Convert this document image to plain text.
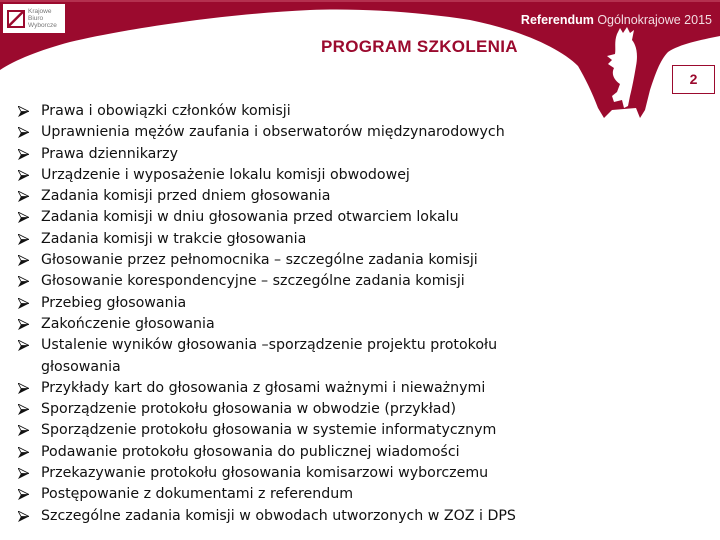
Krajowe
Biuro
Wyborcze	Referendum Ogólnokrajowe 2015
PROGRAM SZKOLENIA
2
Prawa i obowiązki członków komisji
Uprawnienia mężów zaufania i obserwatorów międzynarodowych
Prawa dziennikarzy
Urządzenie i wyposażenie lokalu komisji obwodowej
Zadania komisji przed dniem głosowania
Zadania komisji w dniu głosowania przed otwarciem lokalu
Zadania komisji w trakcie głosowania
Głosowanie przez pełnomocnika – szczególne zadania komisji
Głosowanie korespondencyjne – szczególne zadania komisji
Przebieg głosowania
Zakończenie głosowania
Ustalenie wyników głosowania –sporządzenie projektu protokołu
głosowania
Przykłady kart do głosowania z głosami ważnymi i nieważnymi
Sporządzenie protokołu głosowania w obwodzie (przykład)
Sporządzenie protokołu głosowania w systemie informatycznym
Podawanie protokołu głosowania do publicznej wiadomości
Przekazywanie protokołu głosowania komisarzowi wyborczemu
Postępowanie z dokumentami z referendum
Szczególne zadania komisji w obwodach utworzonych w ZOZ i DPS
